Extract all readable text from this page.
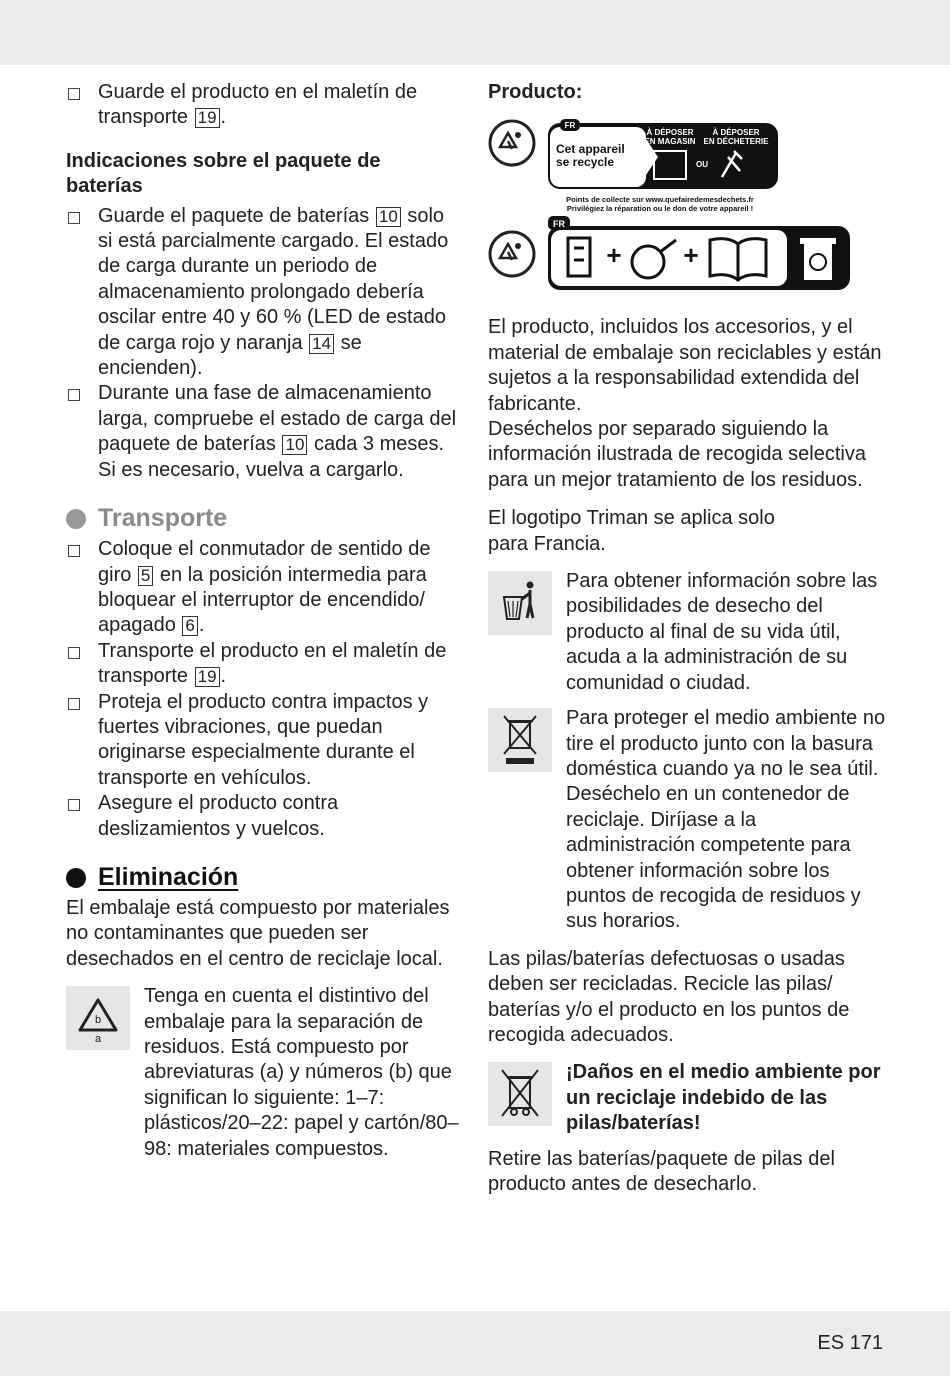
Guarde el producto en el maletín de transporte 19 .
Indicaciones sobre el paquete de baterías
Guarde el paquete de baterías 10 solo si está parcialmente cargado. El estado de carga durante un periodo de almacenamiento prolongado debería oscilar entre 40 y 60 % (LED de estado de carga rojo y naranja 14 se encienden).
Durante una fase de almacenamiento larga, compruebe el estado de carga del paquete de baterías 10 cada 3 meses. Si es necesario, vuelva a cargarlo.
Transporte
Coloque el conmutador de sentido de giro 5 en la posición intermedia para bloquear el interruptor de encendido/ apagado 6 .
Transporte el producto en el maletín de transporte 19 .
Proteja el producto contra impactos y fuertes vibraciones, que puedan originarse especialmente durante el transporte en vehículos.
Asegure el producto contra deslizamientos y vuelcos.
Eliminación
El embalaje está compuesto por materiales no contaminantes que pueden ser desechados en el centro de reciclaje local.
b
a
Tenga en cuenta el distintivo del embalaje para la separación de residuos. Está compuesto por abreviaturas (a) y números (b) que significan lo siguiente: 1–7: plásticos/20–22: papel y cartón/80–98: materiales compuestos.
Producto:
FR
Cet appareil
se recycle
À DÉPOSER
EN MAGASIN
OU
À DÉPOSER
EN DÉCHETERIE
Points de collecte sur www.quefairedemesdechets.fr
Privilégiez la réparation ou le don de votre appareil !
FR
+ +
El producto, incluidos los accesorios, y el material de embalaje son reciclables y están sujetos a la responsabilidad extendida del fabricante.
Deséchelos por separado siguiendo la información ilustrada de recogida selectiva para un mejor tratamiento de los residuos.
El logotipo Triman se aplica solo para Francia.
Para obtener información sobre las posibilidades de desecho del producto al final de su vida útil, acuda a la administración de su comunidad o ciudad.
Para proteger el medio ambiente no tire el producto junto con la basura doméstica cuando ya no le sea útil. Deséchelo en un contenedor de reciclaje. Diríjase a la administración competente para obtener información sobre los puntos de recogida de residuos y sus horarios.
Las pilas/baterías defectuosas o usadas deben ser recicladas. Recicle las pilas/ baterías y/o el producto en los puntos de recogida adecuados.
¡Daños en el medio ambiente por un reciclaje indebido de las pilas/baterías!
Retire las baterías/paquete de pilas del producto antes de desecharlo.
ES 171
